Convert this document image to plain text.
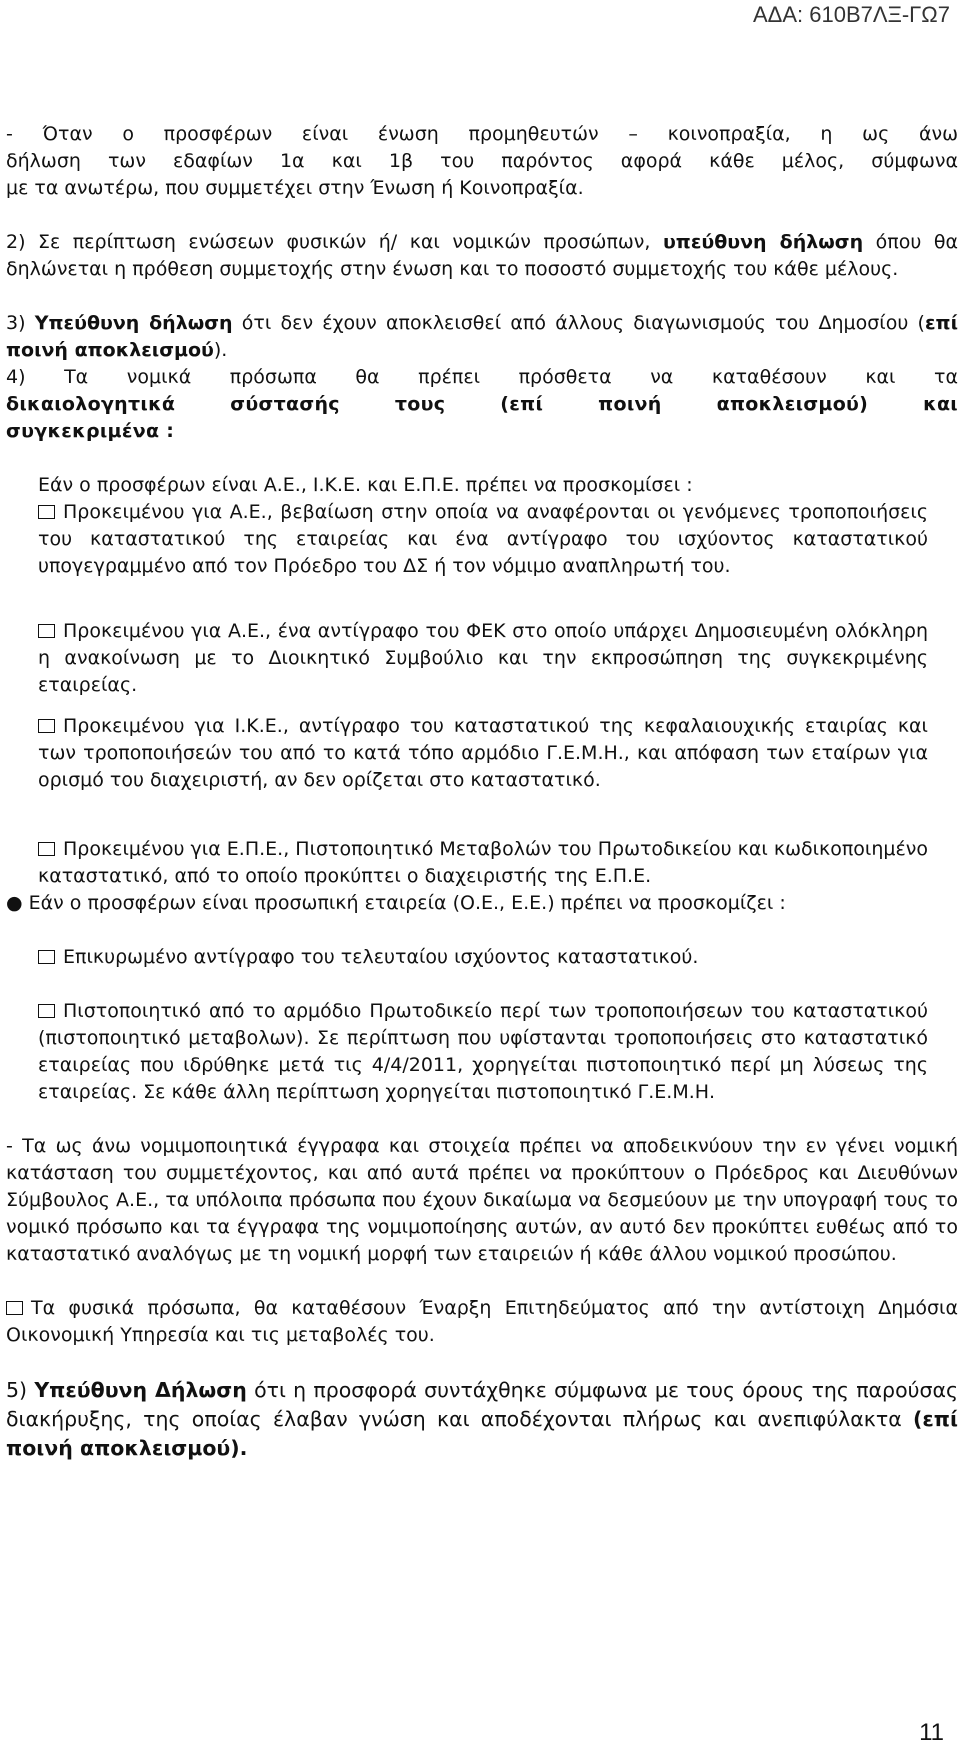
ΑΔΑ: 610Β7ΛΞ-ΓΩ7
- Όταν ο προσφέρων είναι ένωση προμηθευτών – κοινοπραξία, η ως άνω
δήλωση των εδαφίων 1α και 1β του παρόντος αφορά κάθε μέλος, σύμφωνα
με τα ανωτέρω, που συμμετέχει στην Ένωση ή Κοινοπραξία.
2) Σε περίπτωση ενώσεων φυσικών ή/ και νομικών προσώπων, υπεύθυνη δήλωση όπου θα δηλώνεται η πρόθεση συμμετοχής στην ένωση και το ποσοστό συμμετοχής του κάθε μέλους.
3) Υπεύθυνη δήλωση ότι δεν έχουν αποκλεισθεί από άλλους διαγωνισμούς του Δημοσίου (επί ποινή αποκλεισμού).
4) Τα νομικά πρόσωπα θα πρέπει πρόσθετα να καταθέσουν και τα
δικαιολογητικά σύστασής τους (επί ποινή αποκλεισμού) και
συγκεκριμένα :
Εάν ο προσφέρων είναι Α.Ε., Ι.Κ.Ε. και Ε.Π.Ε. πρέπει να προσκομίσει :
Προκειμένου για Α.Ε., βεβαίωση στην οποία να αναφέρονται οι γενόμενες τροποποιήσεις του καταστατικού της εταιρείας και ένα αντίγραφο του ισχύοντος καταστατικού υπογεγραμμένο από τον Πρόεδρο του ΔΣ ή τον νόμιμο αναπληρωτή του.
Προκειμένου για Α.Ε., ένα αντίγραφο του ΦΕΚ στο οποίο υπάρχει Δημοσιευμένη ολόκληρη η ανακοίνωση με το Διοικητικό Συμβούλιο και την εκπροσώπηση της συγκεκριμένης εταιρείας.
Προκειμένου για Ι.Κ.Ε., αντίγραφο του καταστατικού της κεφαλαιουχικής εταιρίας και των τροποποιήσεών του από το κατά τόπο αρμόδιο Γ.Ε.Μ.Η., και απόφαση των εταίρων για ορισμό του διαχειριστή, αν δεν ορίζεται στο καταστατικό.
Προκειμένου για Ε.Π.Ε., Πιστοποιητικό Μεταβολών του Πρωτοδικείου και κωδικοποιημένο καταστατικό, από το οποίο προκύπτει ο διαχειριστής της Ε.Π.Ε.
● Εάν ο προσφέρων είναι προσωπική εταιρεία (Ο.Ε., Ε.Ε.) πρέπει να προσκομίζει :
Επικυρωμένο αντίγραφο του τελευταίου ισχύοντος καταστατικού.
Πιστοποιητικό από το αρμόδιο Πρωτοδικείο περί των τροποποιήσεων του καταστατικού (πιστοποιητικό μεταβολων). Σε περίπτωση που υφίστανται τροποποιήσεις στο καταστατικό εταιρείας που ιδρύθηκε μετά τις 4/4/2011, χορηγείται πιστοποιητικό περί μη λύσεως της εταιρείας. Σε κάθε άλλη περίπτωση χορηγείται πιστοποιητικό Γ.Ε.Μ.Η.
- Τα ως άνω νομιμοποιητικά έγγραφα και στοιχεία πρέπει να αποδεικνύουν την εν γένει νομική κατάσταση του συμμετέχοντος, και από αυτά πρέπει να προκύπτουν ο Πρόεδρος και Διευθύνων Σύμβουλος Α.Ε., τα υπόλοιπα πρόσωπα που έχουν δικαίωμα να δεσμεύουν με την υπογραφή τους το νομικό πρόσωπο και τα έγγραφα της νομιμοποίησης αυτών, αν αυτό δεν προκύπτει ευθέως από το καταστατικό αναλόγως με τη νομική μορφή των εταιρειών ή κάθε άλλου νομικού προσώπου.
Τα φυσικά πρόσωπα, θα καταθέσουν Έναρξη Επιτηδεύματος από την αντίστοιχη Δημόσια Οικονομική Υπηρεσία και τις μεταβολές του.
5) Υπεύθυνη Δήλωση ότι η προσφορά συντάχθηκε σύμφωνα με τους όρους της παρούσας διακήρυξης, της οποίας έλαβαν γνώση και αποδέχονται πλήρως και ανεπιφύλακτα (επί ποινή αποκλεισμού).
11
